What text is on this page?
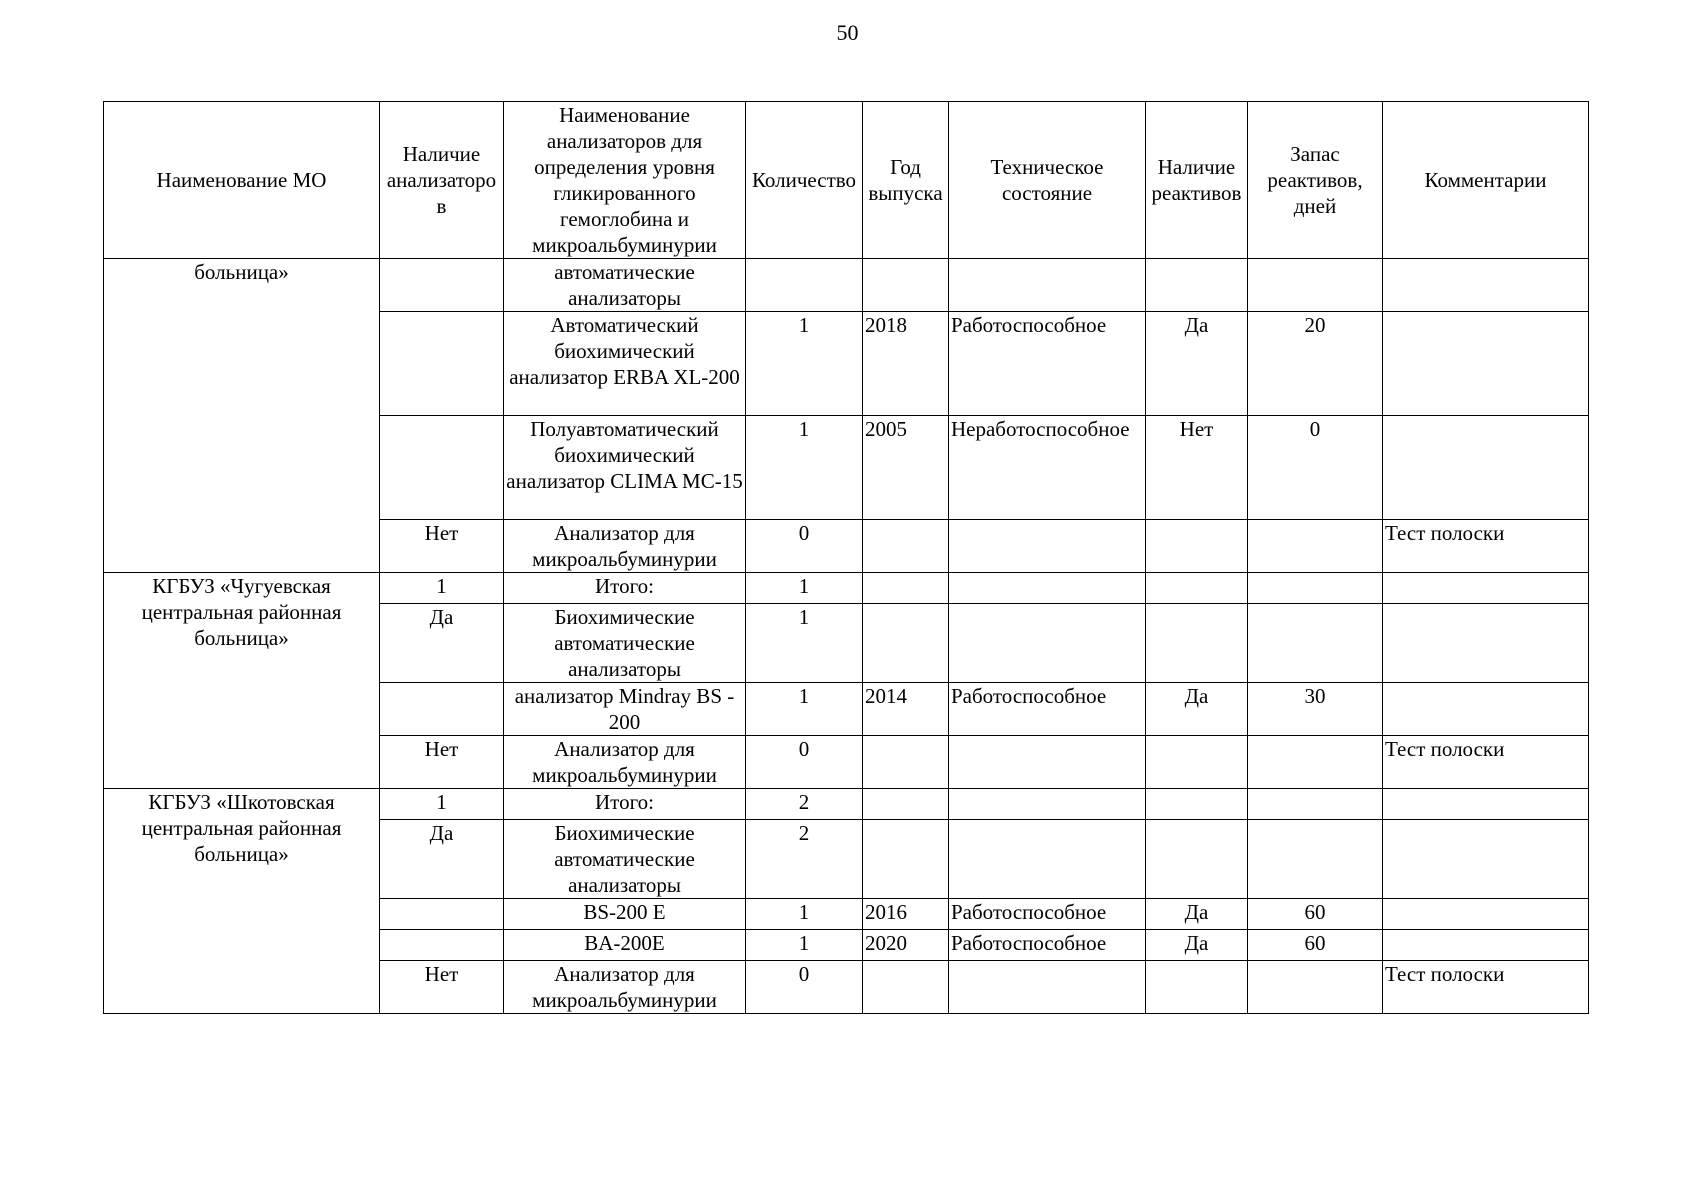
50
Наименование МО	Наличие анализаторо в	Наименование анализаторов для определения уровня гликированного гемоглобина и микроальбуминурии	Количество	Год выпуска	Техническое состояние	Наличие реактивов	Запас реактивов, дней	Комментарии
больница»		автоматические анализаторы						
		Автоматический биохимический анализатор ERBA XL-200	1	2018	Работоспособное	Да	20	
		Полуавтоматический биохимический анализатор CLIMA MC-15	1	2005	Неработоспособное	Нет	0	
	Нет	Анализатор для микроальбуминурии	0					Тест полоски
КГБУЗ «Чугуевская центральная районная больница»	1	Итого:	1					
	Да	Биохимические автоматические анализаторы	1					
		анализатор Mindray BS - 200	1	2014	Работоспособное	Да	30	
	Нет	Анализатор для микроальбуминурии	0					Тест полоски
КГБУЗ «Шкотовская центральная районная больница»	1	Итого:	2					
	Да	Биохимические автоматические анализаторы	2					
		BS-200 E	1	2016	Работоспособное	Да	60	
		BA-200E	1	2020	Работоспособное	Да	60	
	Нет	Анализатор для микроальбуминурии	0					Тест полоски
